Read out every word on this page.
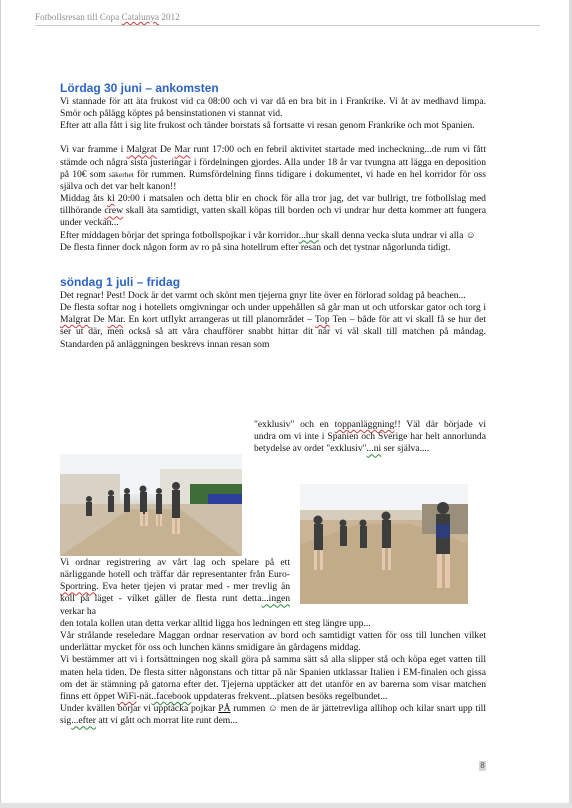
Fotbollsresan till Copa Catalunya 2012
Lördag 30 juni – ankomsten

Vi stannade för att äta frukost vid ca 08:00 och vi var då en bra bit in i Frankrike. Vi åt av medhavd limpa. Smör och pålägg köptes på bensinstationen vi stannat vid.

Efter att alla fått i sig lite frukost och tänder borstats så fortsatte vi resan genom Frankrike och mot Spanien.

Vi var framme i Malgrat De Mar runt 17:00 och en febril aktivitet startade med incheckning...de rum vi fått stämde och några sista justeringar i fördelningen gjordes. Alla under 18 år var tvungna att lägga en deposition på 10€ som säkerhet för rummen. Rumsfördelning finns tidigare i dokumentet, vi hade en hel korridor för oss själva och det var helt kanon!!

Middag åts kl 20:00 i matsalen och detta blir en chock för alla tror jag, det var bullrigt, tre fotbollslag med tillhörande crew skall äta samtidigt, vatten skall köpas till borden och vi undrar hur detta kommer att fungera under veckan...

Efter middagen börjar det springa fotbollspojkar i vår korridor...hur skall denna vecka sluta undrar vi alla ☺

De flesta finner dock någon form av ro på sina hotellrum efter resan och det tystnar någorlunda tidigt.

söndag 1 juli – fridag

Det regnar! Pest! Dock är det varmt och skönt men tjejerna gnyr lite över en förlorad soldag på beachen...

De flesta softar nog i hotellets omgivningar och under uppehållen så går man ut och utforskar gator och torg i Malgrat De Mar. En kort utflykt arrangeras ut till planområdet – Top Ten – både för att vi skall få se hur det ser ut där, men också så att våra chaufförer snabbt hittar dit när vi väl skall till matchen på måndag. Standarden på anläggningen beskrevs innan resan som

"exklusiv" och en toppanläggning!! Väl där började vi undra om vi inte i Spanien och Sverige har helt annorlunda betydelse av ordet "exklusiv"...ni ser själva....

Vi ordnar registrering av vårt lag och spelare på ett närliggande hotell och träffar där representanter från Euro-Sportring. Eva heter tjejen vi pratar med - mer trevlig än koll på läget - vilket gäller de flesta runt detta...ingen verkar ha

den totala kollen utan detta verkar alltid ligga hos ledningen ett steg längre upp...

Vår strålande reseledare Maggan ordnar reservation av bord och samtidigt vatten för oss till lunchen vilket underlättar mycket för oss och lunchen känns smidigare än gårdagens middag.

Vi bestämmer att vi i fortsättningen nog skall göra på samma sätt så alla slipper stå och köpa eget vatten till maten hela tiden. De flesta sitter någonstans och tittar på när Spanien utklassar Italien i EM-finalen och gissa om det är stämning på gatorna efter det. Tjejerna upptäcker att det utanför en av barerna som visar matchen finns ett öppet WiFi-nät..facebook uppdateras frekvent...platsen besöks regelbundet...

Under kvällen börjar vi upptäcka pojkar PÅ rummen ☺ men de är jättetrevliga allihop och kilar snart upp till sig...efter att vi gått och morrat lite runt dem...

8
